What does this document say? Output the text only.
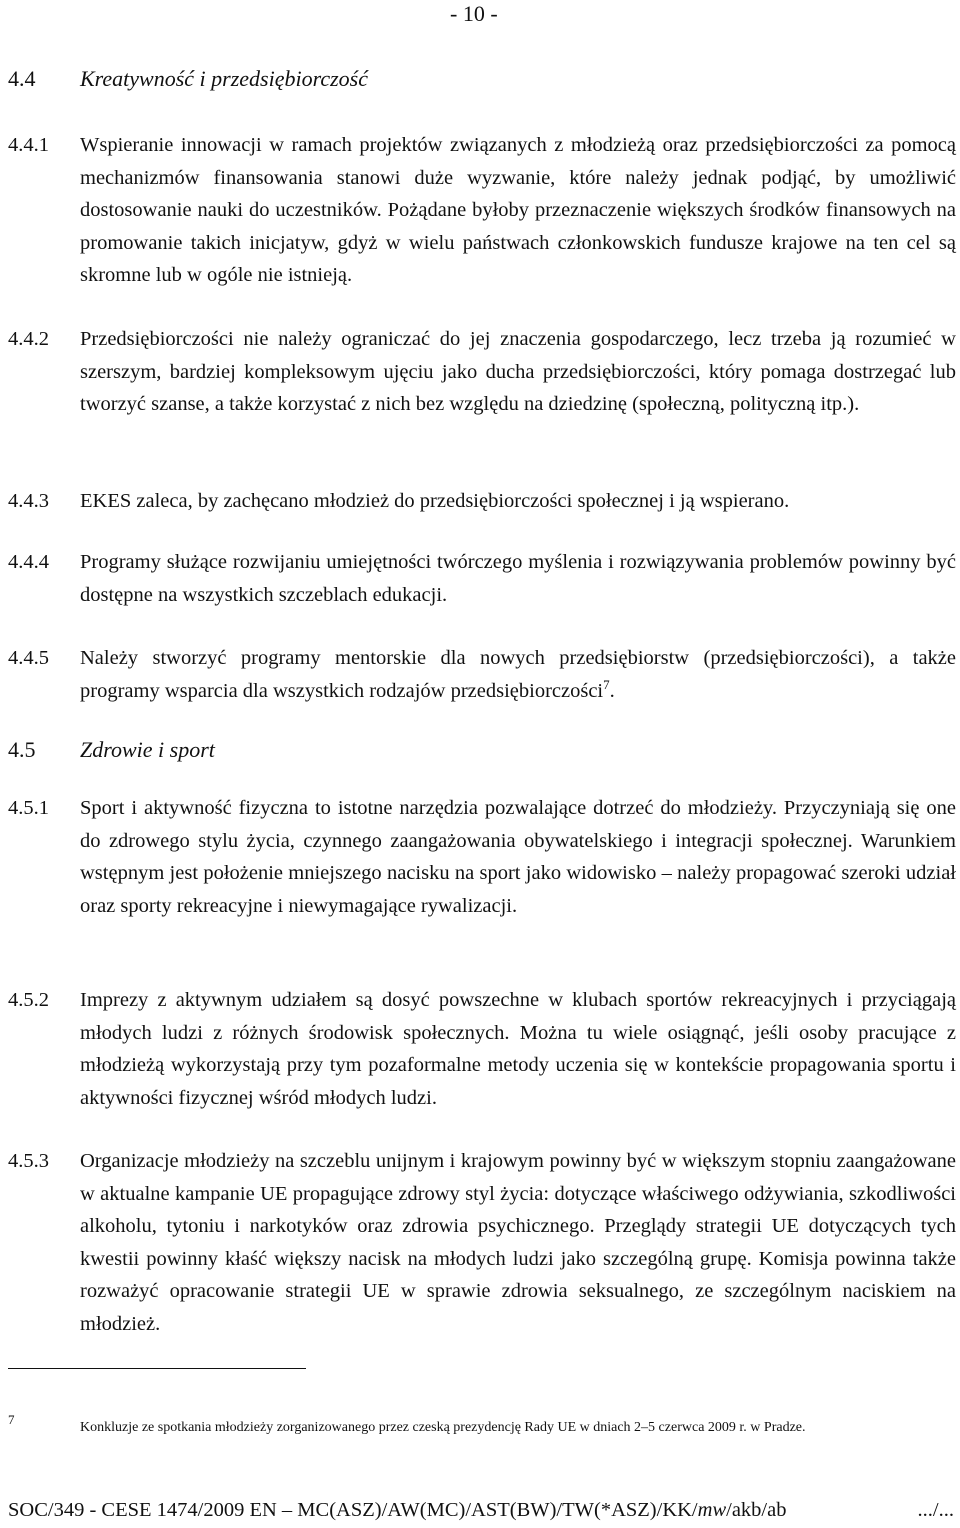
- 10 -
4.4 Kreatywność i przedsiębiorczość
4.4.1 Wspieranie innowacji w ramach projektów związanych z młodzieżą oraz przedsiębiorczości za pomocą mechanizmów finansowania stanowi duże wyzwanie, które należy jednak podjąć, by umożliwić dostosowanie nauki do uczestników. Pożądane byłoby przeznaczenie większych środków finansowych na promowanie takich inicjatyw, gdyż w wielu państwach członkowskich fundusze krajowe na ten cel są skromne lub w ogóle nie istnieją.
4.4.2 Przedsiębiorczości nie należy ograniczać do jej znaczenia gospodarczego, lecz trzeba ją rozumieć w szerszym, bardziej kompleksowym ujęciu jako ducha przedsiębiorczości, który pomaga dostrzegać lub tworzyć szanse, a także korzystać z nich bez względu na dziedzinę (społeczną, polityczną itp.).
4.4.3 EKES zaleca, by zachęcano młodzież do przedsiębiorczości społecznej i ją wspierano.
4.4.4 Programy służące rozwijaniu umiejętności twórczego myślenia i rozwiązywania problemów powinny być dostępne na wszystkich szczeblach edukacji.
4.4.5 Należy stworzyć programy mentorskie dla nowych przedsiębiorstw (przedsiębiorczości), a także programy wsparcia dla wszystkich rodzajów przedsiębiorczości$^7$.
4.5 Zdrowie i sport
4.5.1 Sport i aktywność fizyczna to istotne narzędzia pozwalające dotrzeć do młodzieży. Przyczyniają się one do zdrowego stylu życia, czynnego zaangażowania obywatelskiego i integracji społecznej. Warunkiem wstępnym jest położenie mniejszego nacisku na sport jako widowisko – należy propagować szeroki udział oraz sporty rekreacyjne i niewymagające rywalizacji.
4.5.2 Imprezy z aktywnym udziałem są dosyć powszechne w klubach sportów rekreacyjnych i przyciągają młodych ludzi z różnych środowisk społecznych. Można tu wiele osiągnąć, jeśli osoby pracujące z młodzieżą wykorzystają przy tym pozaformalne metody uczenia się w kontekście propagowania sportu i aktywności fizycznej wśród młodych ludzi.
4.5.3 Organizacje młodzieży na szczeblu unijnym i krajowym powinny być w większym stopniu zaangażowane w aktualne kampanie UE propagujące zdrowy styl życia: dotyczące właściwego odżywiania, szkodliwości alkoholu, tytoniu i narkotyków oraz zdrowia psychicznego. Przeglądy strategii UE dotyczących tych kwestii powinny kłaść większy nacisk na młodych ludzi jako szczególną grupę. Komisja powinna także rozważyć opracowanie strategii UE w sprawie zdrowia seksualnego, ze szczególnym naciskiem na młodzież.
7
Konkluzje ze spotkania młodzieży zorganizowanego przez czeską prezydencję Rady UE w dniach 2–5 czerwca 2009 r. w Pradze.
SOC/349 - CESE 1474/2009 EN – MC(ASZ)/AW(MC)/AST(BW)/TW(*ASZ)/KK/mw/akb/ab	.../...
